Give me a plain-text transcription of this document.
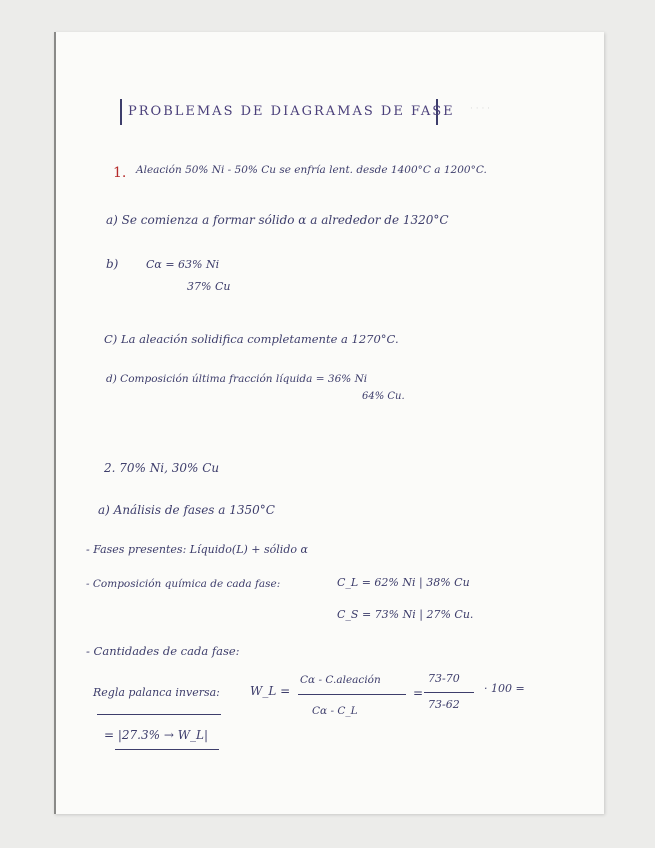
· · · ·
PROBLEMAS DE DIAGRAMAS DE FASE
1. Aleación 50% Ni - 50% Cu se enfría lent. desde 1400°C a 1200°C.
a) Se comienza a formar sólido α a alrededor de 1320°C
b)	Cα = 63% Ni
37% Cu
C) La aleación solidifica completamente a 1270°C.
d) Composición última fracción líquida = 36% Ni
64% Cu.
2. 70% Ni, 30% Cu
a) Análisis de fases a 1350°C
- Fases presentes: Líquido(L) + sólido α
- Composición química de cada fase:	C_L = 62% Ni | 38% Cu
C_S = 73% Ni | 27% Cu.
- Cantidades de cada fase:
Regla palanca inversa:	W_L =
Cα - C.aleación
Cα - C_L
=
73-70
73-62
· 100 =
= |27.3% → W_L|
